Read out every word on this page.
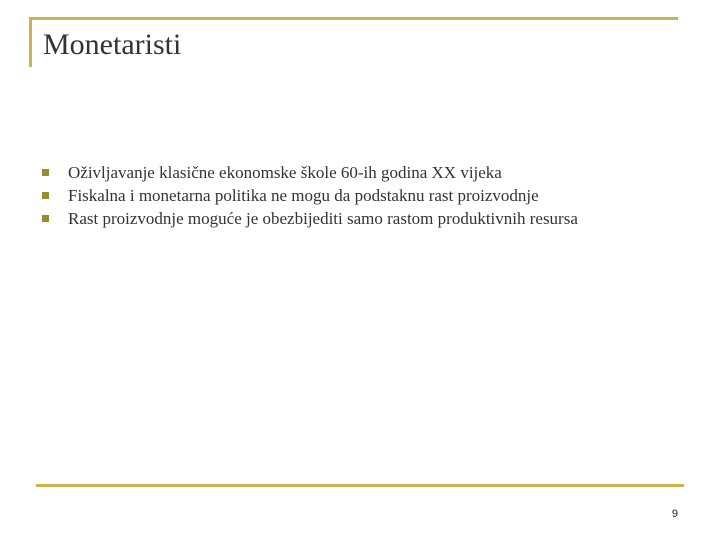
Monetaristi
Oživljavanje klasične ekonomske škole 60-ih godina XX vijeka
Fiskalna i monetarna politika ne mogu da podstaknu rast proizvodnje
Rast proizvodnje moguće je obezbijediti samo rastom produktivnih resursa
9
